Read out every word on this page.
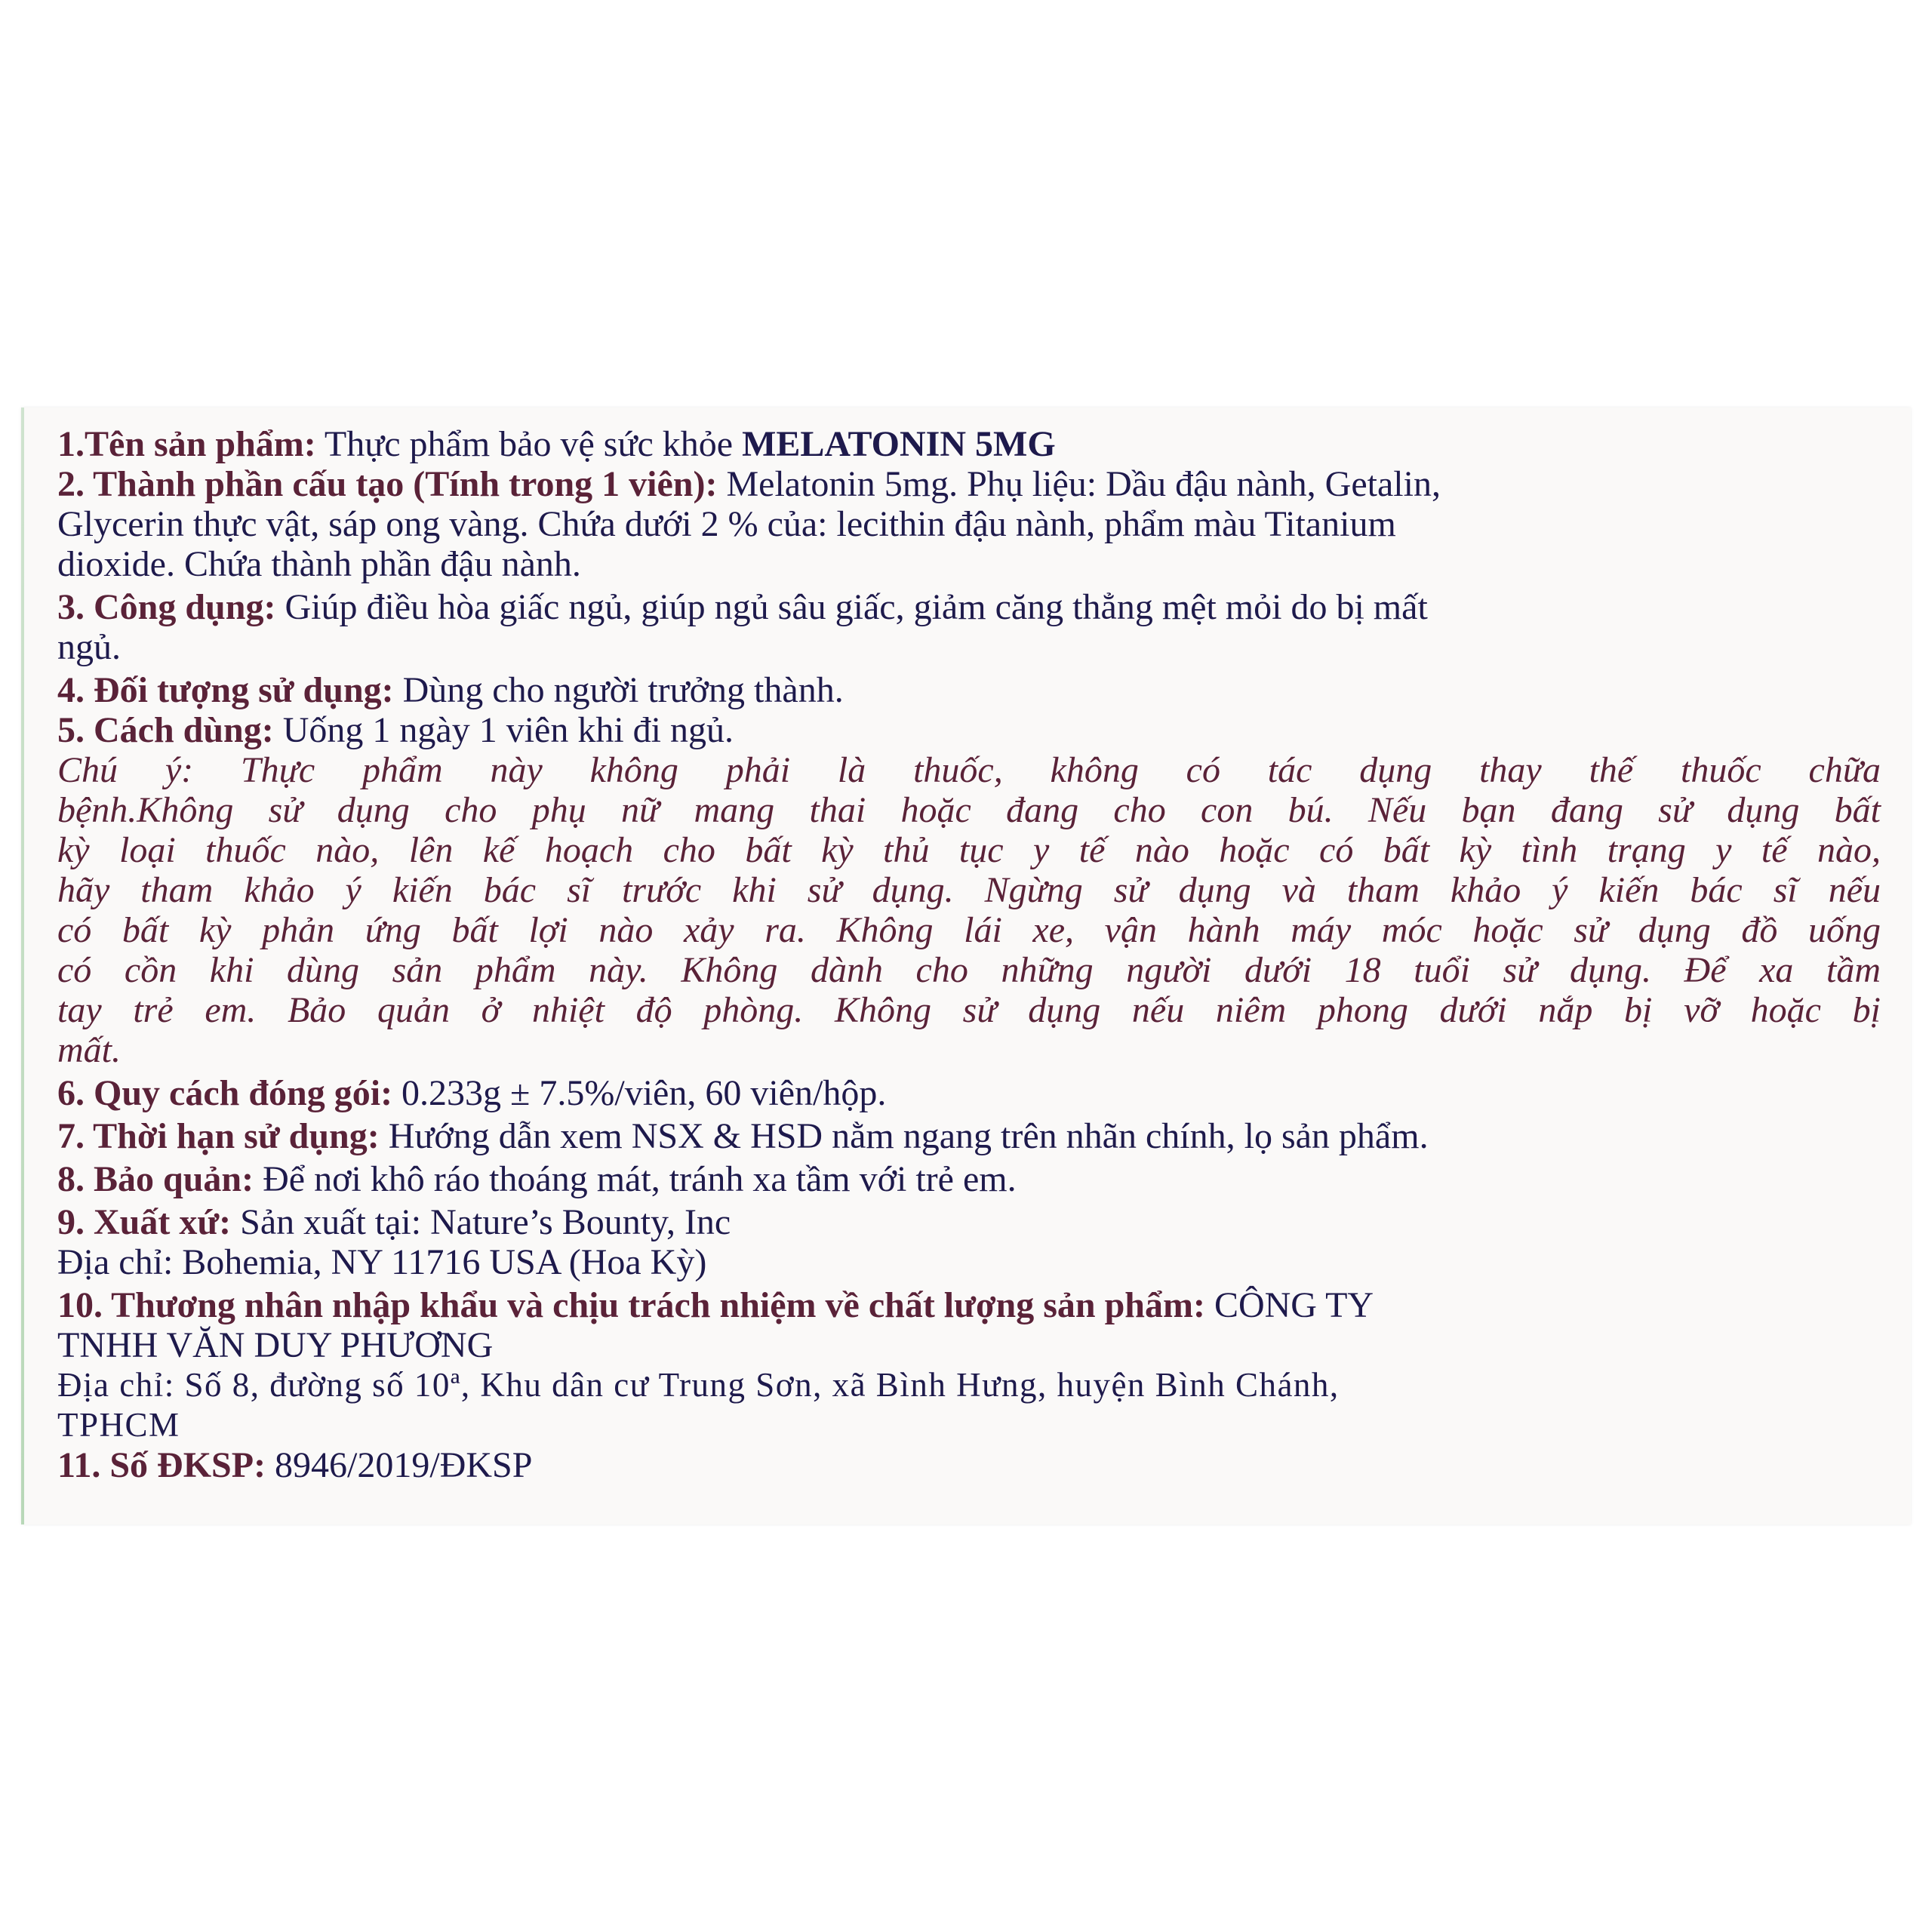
1.Tên sản phẩm: Thực phẩm bảo vệ sức khỏe MELATONIN 5MG
2. Thành phần cấu tạo (Tính trong 1 viên): Melatonin 5mg. Phụ liệu: Dầu đậu nành, Getalin,
Glycerin thực vật, sáp ong vàng. Chứa dưới 2 % của: lecithin đậu nành, phẩm màu Titanium
dioxide. Chứa thành phần đậu nành.
3. Công dụng: Giúp điều hòa giấc ngủ, giúp ngủ sâu giấc, giảm căng thẳng mệt mỏi do bị mất
ngủ.
4. Đối tượng sử dụng: Dùng cho người trưởng thành.
5. Cách dùng: Uống 1 ngày 1 viên khi đi ngủ.
Chú ý: Thực phẩm này không phải là thuốc, không có tác dụng thay thế thuốc chữa
bệnh.Không sử dụng cho phụ nữ mang thai hoặc đang cho con bú. Nếu bạn đang sử dụng bất
kỳ loại thuốc nào, lên kế hoạch cho bất kỳ thủ tục y tế nào hoặc có bất kỳ tình trạng y tế nào,
hãy tham khảo ý kiến bác sĩ trước khi sử dụng. Ngừng sử dụng và tham khảo ý kiến bác sĩ nếu
có bất kỳ phản ứng bất lợi nào xảy ra. Không lái xe, vận hành máy móc hoặc sử dụng đồ uống
có cồn khi dùng sản phẩm này. Không dành cho những người dưới 18 tuổi sử dụng. Để xa tầm
tay trẻ em. Bảo quản ở nhiệt độ phòng. Không sử dụng nếu niêm phong dưới nắp bị vỡ hoặc bị
mất.
6. Quy cách đóng gói: 0.233g ± 7.5%/viên, 60 viên/hộp.
7. Thời hạn sử dụng: Hướng dẫn xem NSX & HSD nằm ngang trên nhãn chính, lọ sản phẩm.
8. Bảo quản: Để nơi khô ráo thoáng mát, tránh xa tầm với trẻ em.
9. Xuất xứ: Sản xuất tại: Nature’s Bounty, Inc
Địa chỉ: Bohemia, NY 11716 USA (Hoa Kỳ)
10. Thương nhân nhập khẩu và chịu trách nhiệm về chất lượng sản phẩm: CÔNG TY
TNHH VĂN DUY PHƯƠNG
Địa chỉ: Số 8, đường số 10ª, Khu dân cư Trung Sơn, xã Bình Hưng, huyện Bình Chánh,
TPHCM
11. Số ĐKSP: 8946/2019/ĐKSP
